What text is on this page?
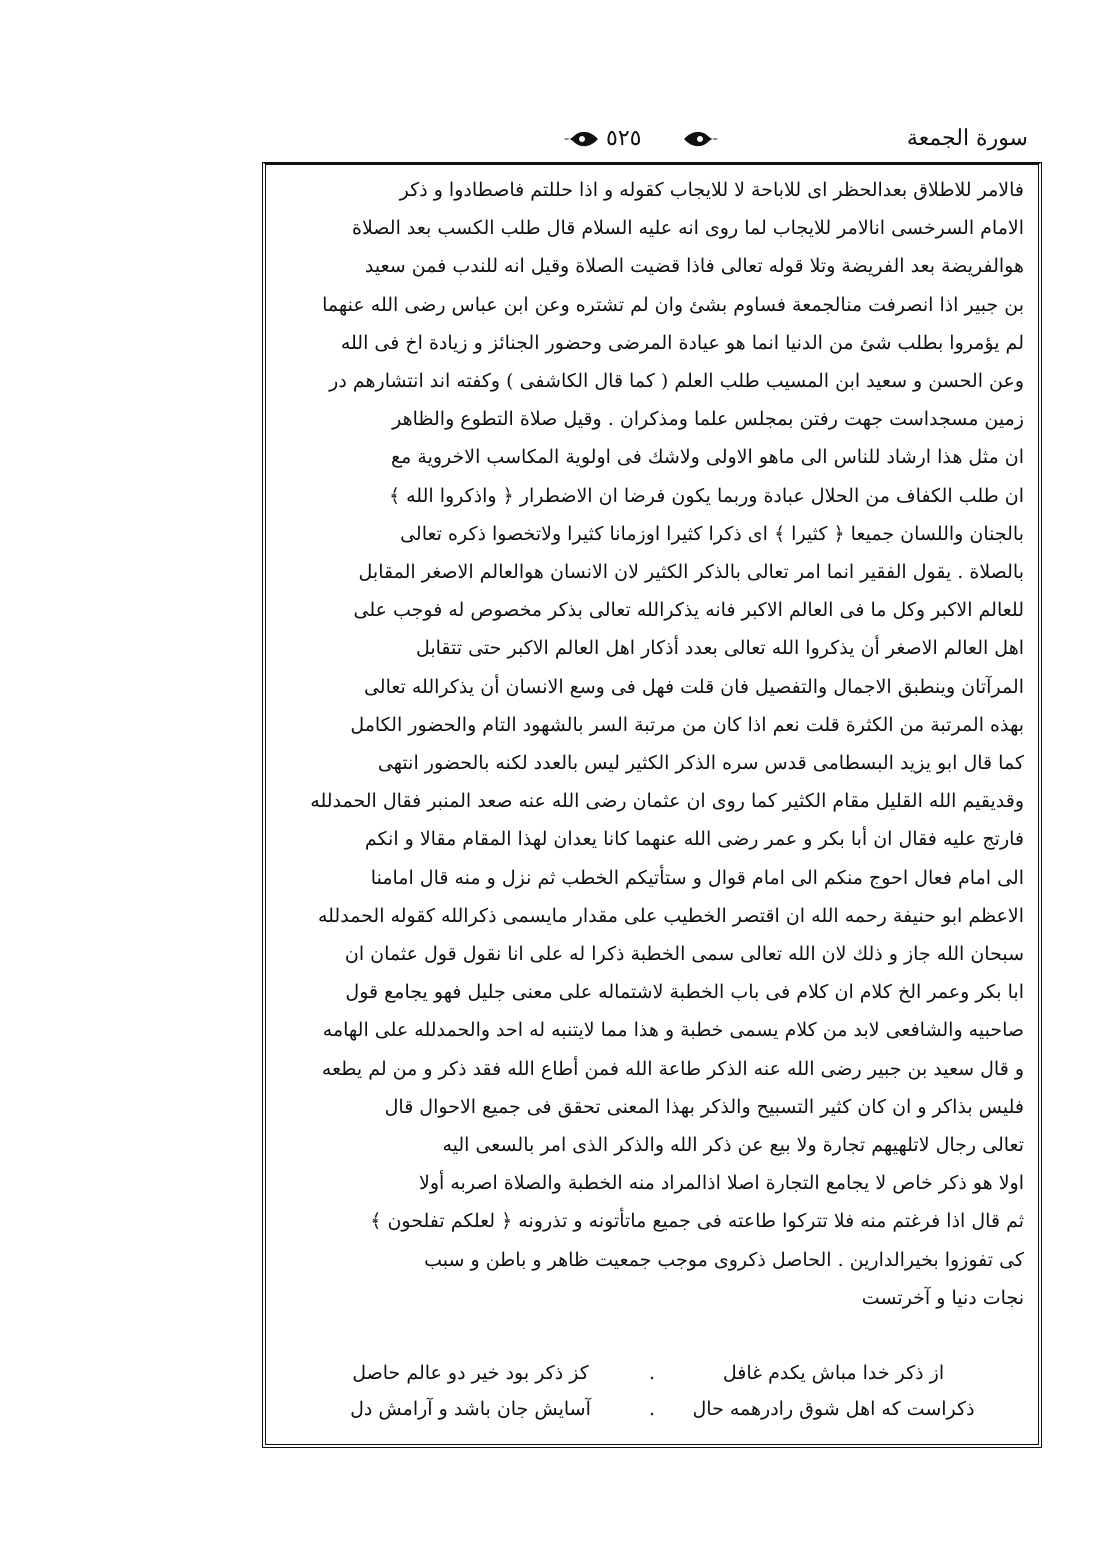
سورة الجمعة
٥٢٥
فالامر للاطلاق بعدالحظر اى للاباحة لا للايجاب كقوله و اذا حللتم فاصطادوا و ذكر
الامام السرخسى انالامر للايجاب لما روى انه عليه السلام قال طلب الكسب بعد الصلاة
هوالفريضة بعد الفريضة وتلا قوله تعالى فاذا قضيت الصلاة وقيل انه للندب فمن سعيد
بن جبير اذا انصرفت منالجمعة فساوم بشئ وان لم تشتره وعن ابن عباس رضى الله عنهما
لم يؤمروا بطلب شئ من الدنيا انما هو عيادة المرضى وحضور الجنائز و زيادة اخ فى الله
وعن الحسن و سعيد ابن المسيب طلب العلم ( كما قال الكاشفى ) وكفته اند انتشارهم در
زمين مسجداست جهت رفتن بمجلس علما ومذكران . وقيل صلاة التطوع والظاهر
ان مثل هذا ارشاد للناس الى ماهو الاولى ولاشك فى اولوية المكاسب الاخروية مع
ان طلب الكفاف من الحلال عبادة وربما يكون فرضا ان الاضطرار ﴿ واذكروا الله ﴾
بالجنان واللسان جميعا ﴿ كثيرا ﴾ اى ذكرا كثيرا اوزمانا كثيرا ولاتخصوا ذكره تعالى
بالصلاة . يقول الفقير انما امر تعالى بالذكر الكثير لان الانسان هوالعالم الاصغر المقابل
للعالم الاكبر وكل ما فى العالم الاكبر فانه يذكرالله تعالى بذكر مخصوص له فوجب على
اهل العالم الاصغر أن يذكروا الله تعالى بعدد أذكار اهل العالم الاكبر حتى تتقابل
المرآتان وينطبق الاجمال والتفصيل فان قلت فهل فى وسع الانسان أن يذكرالله تعالى
بهذه المرتبة من الكثرة قلت نعم اذا كان من مرتبة السر بالشهود التام والحضور الكامل
كما قال ابو يزيد البسطامى قدس سره الذكر الكثير ليس بالعدد لكنه بالحضور انتهى
وقديقيم الله القليل مقام الكثير كما روى ان عثمان رضى الله عنه صعد المنبر فقال الحمدلله
فارتج عليه فقال ان أبا بكر و عمر رضى الله عنهما كانا يعدان لهذا المقام مقالا و انكم
الى امام فعال احوج منكم الى امام قوال و ستأتيكم الخطب ثم نزل و منه قال امامنا
الاعظم ابو حنيفة رحمه الله ان اقتصر الخطيب على مقدار مايسمى ذكرالله كقوله الحمدلله
سبحان الله جاز و ذلك لان الله تعالى سمى الخطبة ذكرا له على انا نقول قول عثمان ان
ابا بكر وعمر الخ كلام ان كلام فى باب الخطبة لاشتماله على معنى جليل فهو يجامع قول
صاحبيه والشافعى لابد من كلام يسمى خطبة و هذا مما لايتنبه له احد والحمدلله على الهامه
و قال سعيد بن جبير رضى الله عنه الذكر طاعة الله فمن أطاع الله فقد ذكر و من لم يطعه
فليس بذاكر و ان كان كثير التسبيح والذكر بهذا المعنى تحقق فى جميع الاحوال قال
تعالى رجال لاتلهيهم تجارة ولا بيع عن ذكر الله والذكر الذى امر بالسعى اليه
اولا هو ذكر خاص لا يجامع التجارة اصلا اذالمراد منه الخطبة والصلاة اصربه أولا
ثم قال اذا فرغتم منه فلا تتركوا طاعته فى جميع ماتأتونه و تذرونه ﴿ لعلكم تفلحون ﴾
كى تفوزوا بخيرالدارين . الحاصل ذكروى موجب جمعيت ظاهر و باطن و سبب
نجات دنيا و آخرتست
از ذكر خدا مباش يكدم غافل
.
كز ذكر بود خير دو عالم حاصل
ذكراست كه اهل شوق رادرهمه حال
.
آسايش جان باشد و آرامش دل
